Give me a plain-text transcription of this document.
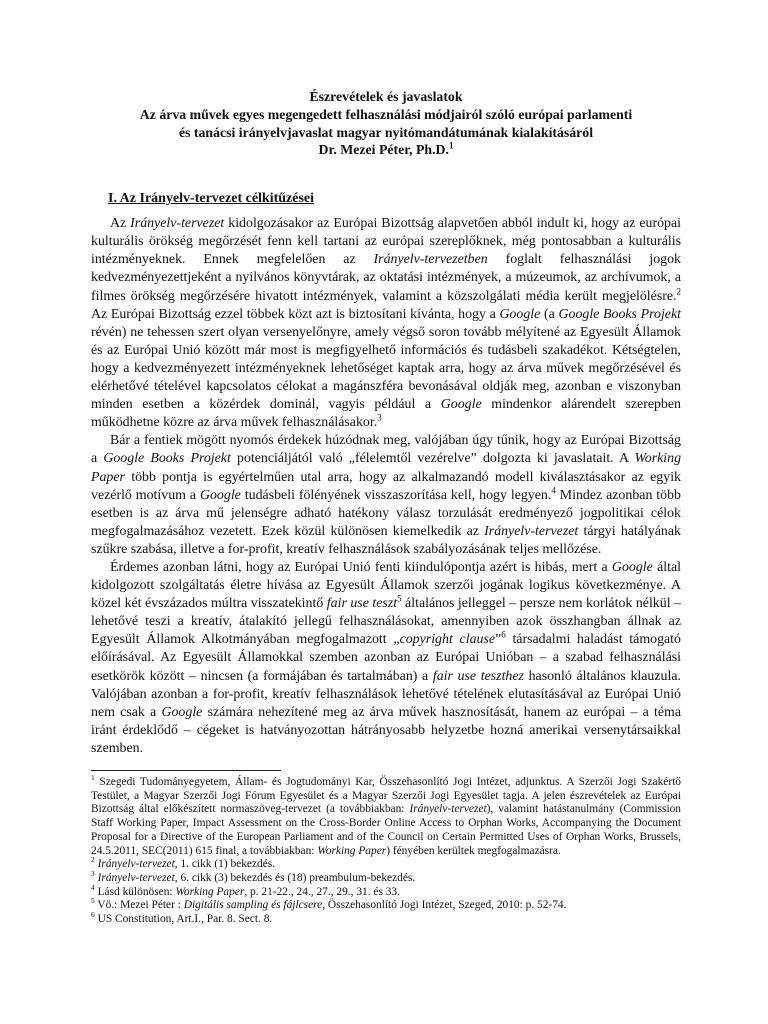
Észrevételek és javaslatok
Az árva művek egyes megengedett felhasználási módjairól szóló európai parlamenti
és tanácsi irányelvjavaslat magyar nyitómandátumának kialakításáról
Dr. Mezei Péter, Ph.D.$^1$
I. Az Irányelv-tervezet célkitűzései

Az Irányelv-tervezet kidolgozásakor az Európai Bizottság alapvetően abból indult ki, hogy az európai kulturális örökség megőrzését fenn kell tartani az európai szereplőknek, még pontosabban a kulturális intézményeknek. Ennek megfelelően az Irányelv-tervezetben foglalt felhasználási jogok kedvezményezettjeként a nyilvános könyvtárak, az oktatási intézmények, a múzeumok, az archívumok, a filmes örökség megőrzésére hivatott intézmények, valamint a közszolgálati média került megjelölésre.$^2$ Az Európai Bizottság ezzel többek közt azt is biztosítani kívánta, hogy a Google (a Google Books Projekt révén) ne tehessen szert olyan versenyelőnyre, amely végső soron tovább mélyítené az Egyesült Államok és az Európai Unió között már most is megfigyelhető információs és tudásbeli szakadékot. Kétségtelen, hogy a kedvezményezett intézményeknek lehetőséget kaptak arra, hogy az árva művek megőrzésével és elérhetővé tételével kapcsolatos célokat a magánszféra bevonásával oldják meg, azonban e viszonyban minden esetben a közérdek dominál, vagyis például a Google mindenkor alárendelt szerepben működhetne közre az árva művek felhasználásakor.$^3$

Bár a fentiek mögött nyomós érdekek húzódnak meg, valójában úgy tűnik, hogy az Európai Bizottság a Google Books Projekt potenciáljától való „félelemtől vezérelve” dolgozta ki javaslatait. A Working Paper több pontja is egyértelműen utal arra, hogy az alkalmazandó modell kiválasztásakor az egyik vezérlő motívum a Google tudásbeli fölényének visszaszorítása kell, hogy legyen.$^4$ Mindez azonban több esetben is az árva mű jelenségre adható hatékony válasz torzulását eredményező jogpolitikai célok megfogalmazásához vezetett. Ezek közül különösen kiemelkedik az Irányelv-tervezet tárgyi hatályának szűkre szabása, illetve a for-profit, kreatív felhasználások szabályozásának teljes mellőzése.

Érdemes azonban látni, hogy az Európai Unió fenti kiindulópontja azért is hibás, mert a Google által kidolgozott szolgáltatás életre hívása az Egyesült Államok szerzői jogának logikus következménye. A közel két évszázados múltra visszatekintő fair use teszt$^5$ általános jelleggel – persze nem korlátok nélkül – lehetővé teszi a kreatív, átalakító jellegű felhasználásokat, amennyiben azok összhangban állnak az Egyesült Államok Alkotmányában megfogalmazott „copyright clause”$^6$ társadalmi haladást támogató előírásával. Az Egyesült Államokkal szemben azonban az Európai Unióban – a szabad felhasználási esetkörök között – nincsen (a formájában és tartalmában) a fair use teszthez hasonló általános klauzula. Valójában azonban a for-profit, kreatív felhasználások lehetővé tételének elutasításával az Európai Unió nem csak a Google számára nehezítené meg az árva művek hasznosítását, hanem az európai – a téma iránt érdeklődő – cégeket is hatványozottan hátrányosabb helyzetbe hozná amerikai versenytársaikkal szemben.

$^1$ Szegedi Tudományegyetem, Állam- és Jogtudományi Kar, Összehasonlító Jogi Intézet, adjunktus. A Szerzői Jogi Szakértő Testület, a Magyar Szerzői Jogi Fórum Egyesület és a Magyar Szerzői Jogi Egyesület tagja. A jelen észrevételek az Európai Bizottság által előkészített normaszöveg-tervezet (a továbbiakban: Irányelv-tervezet), valamint hatástanulmány (Commission Staff Working Paper, Impact Assessment on the Cross-Border Online Access to Orphan Works, Accompanying the Document Proposal for a Directive of the European Parliament and of the Council on Certain Permitted Uses of Orphan Works, Brussels, 24.5.2011, SEC(2011) 615 final, a továbbiakban: Working Paper) fényében kerültek megfogalmazásra.

$^2$ Irányelv-tervezet, 1. cikk (1) bekezdés.

$^3$ Irányelv-tervezet, 6. cikk (3) bekezdés és (18) preambulum-bekezdés.

$^4$ Lásd különösen: Working Paper, p. 21-22., 24., 27., 29., 31. és 33.

$^5$ Vö.: Mezei Péter : Digitális sampling és fájlcsere, Összehasonlító Jogi Intézet, Szeged, 2010: p. 52-74.

$^6$ US Constitution, Art.I., Par. 8. Sect. 8.
